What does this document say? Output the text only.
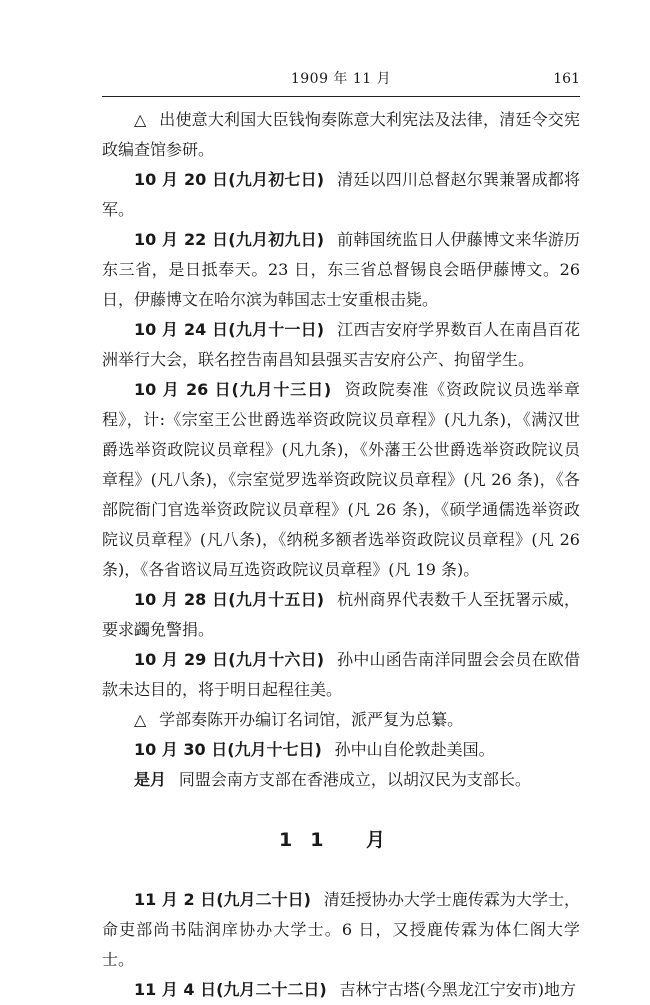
1909 年 11 月	161

△ 出使意大利国大臣钱恂奏陈意大利宪法及法律，清廷令交宪政编查馆参研。

10 月 20 日(九月初七日) 清廷以四川总督赵尔巽兼署成都将军。

10 月 22 日(九月初九日) 前韩国统监日人伊藤博文来华游历东三省，是日抵奉天。23 日，东三省总督锡良会晤伊藤博文。26 日，伊藤博文在哈尔滨为韩国志士安重根击毙。

10 月 24 日(九月十一日) 江西吉安府学界数百人在南昌百花洲举行大会，联名控告南昌知县强买吉安府公产、拘留学生。

10 月 26 日(九月十三日) 资政院奏准《资政院议员选举章程》，计:《宗室王公世爵选举资政院议员章程》(凡九条)，《满汉世爵选举资政院议员章程》(凡九条)，《外藩王公世爵选举资政院议员章程》(凡八条)，《宗室觉罗选举资政院议员章程》(凡 26 条)，《各部院衙门官选举资政院议员章程》(凡 26 条)，《硕学通儒选举资政院议员章程》(凡八条)，《纳税多额者选举资政院议员章程》(凡 26 条)，《各省谘议局互选资政院议员章程》(凡 19 条)。

10 月 28 日(九月十五日) 杭州商界代表数千人至抚署示威，要求蠲免警捐。

10 月 29 日(九月十六日) 孙中山函告南洋同盟会会员在欧借款未达目的，将于明日起程往美。

△ 学部奏陈开办编订名词馆，派严复为总纂。

10 月 30 日(九月十七日) 孙中山自伦敦赴美国。

是月 同盟会南方支部在香港成立，以胡汉民为支部长。

11 月

11 月 2 日(九月二十日) 清廷授协办大学士鹿传霖为大学士，命吏部尚书陆润庠协办大学士。6 日，又授鹿传霖为体仁阁大学士。

11 月 4 日(九月二十二日) 吉林宁古塔(今黑龙江宁安市)地方
